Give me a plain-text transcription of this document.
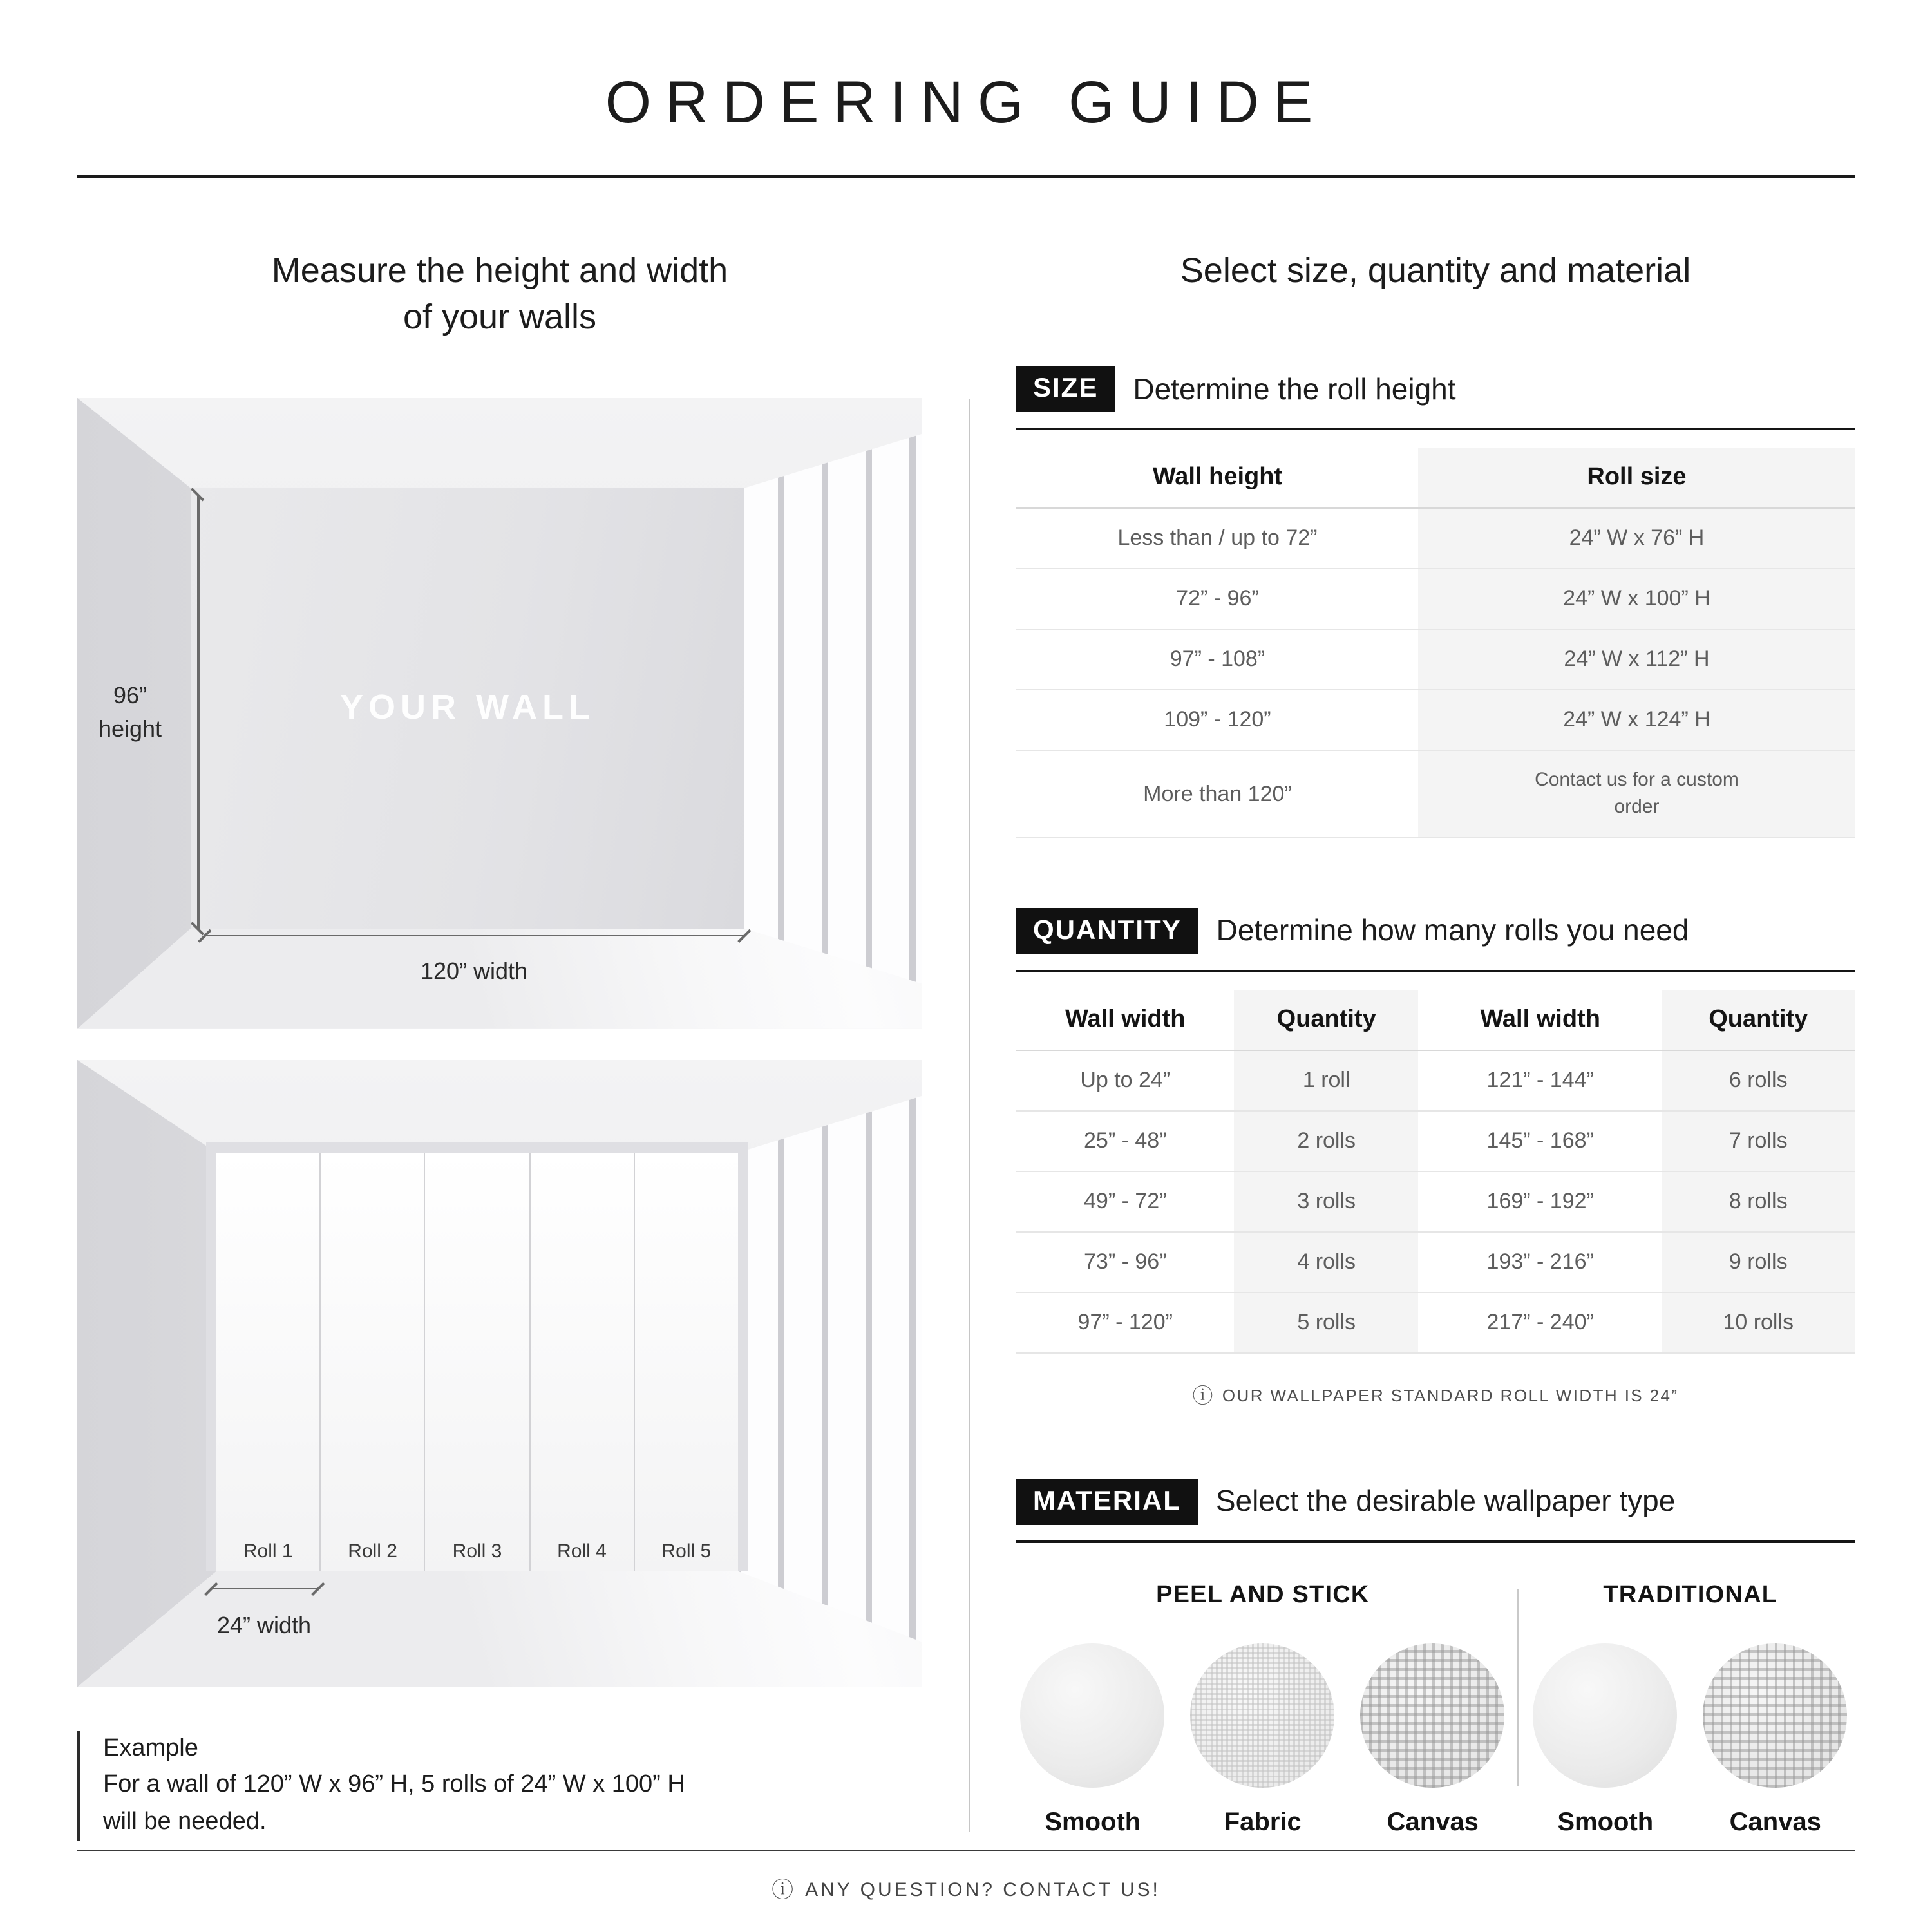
ORDERING GUIDE
Measure the height and width
of your walls
YOUR WALL
96”
height
120” width
Roll 1	Roll 2	Roll 3	Roll 4	Roll 5
24” width
Example
For a wall of 120” W x 96” H, 5 rolls of 24” W x 100” H
will be needed.
Select size, quantity and material
SIZE	Determine the roll height
Wall height	Roll size
Less than / up to 72”	24” W x 76” H
72” - 96”	24” W x 100” H
97” - 108”	24” W x 112” H
109” - 120”	24” W x 124” H
More than 120”	Contact us for a custom order
QUANTITY	Determine how many rolls you need
Wall width	Quantity	Wall width	Quantity
Up to 24”	1 roll	121” - 144”	6 rolls
25” - 48”	2 rolls	145” - 168”	7 rolls
49” - 72”	3 rolls	169” - 192”	8 rolls
73” - 96”	4 rolls	193” - 216”	9 rolls
97” - 120”	5 rolls	217” - 240”	10 rolls
ⓘ OUR WALLPAPER STANDARD ROLL WIDTH IS 24”
MATERIAL	Select the desirable wallpaper type
PEEL AND STICK
Smooth	Fabric	Canvas
TRADITIONAL
Smooth	Canvas
ⓘ ANY QUESTION? CONTACT US!
